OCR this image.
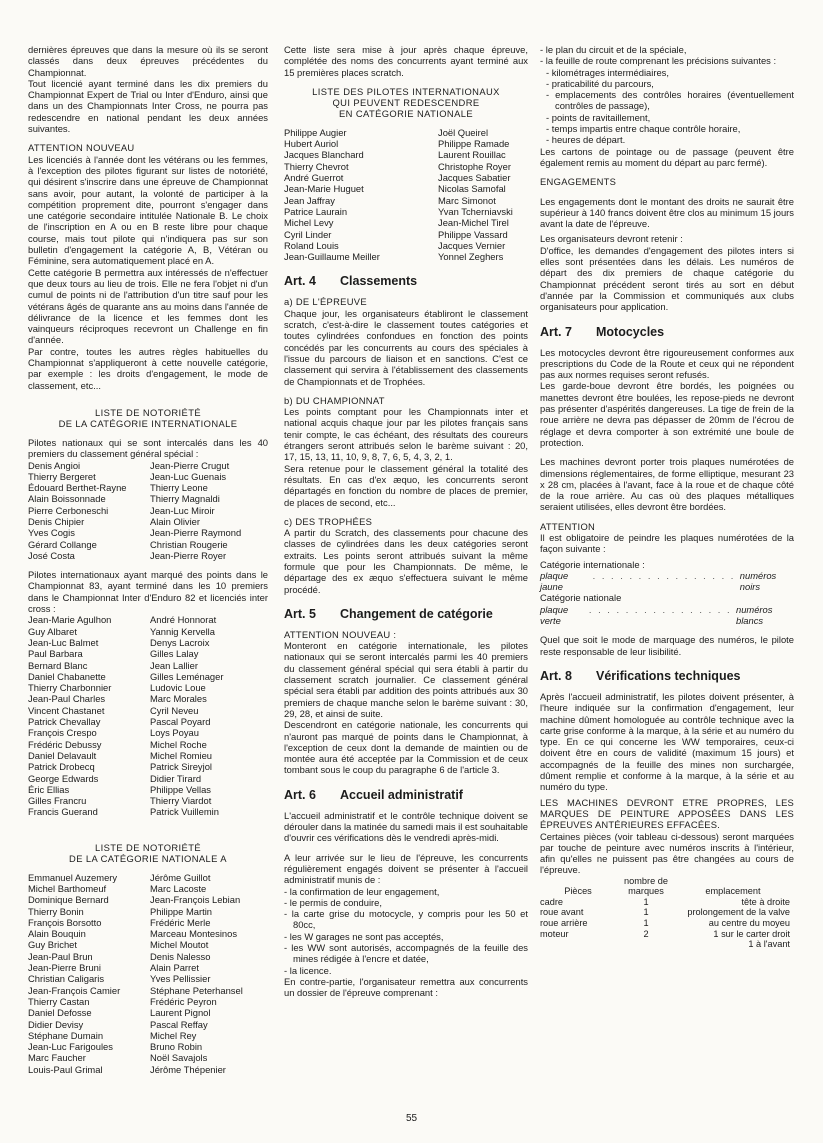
dernières épreuves que dans la mesure où ils se seront classés dans deux épreuves précédentes du Championnat.

Tout licencié ayant terminé dans les dix premiers du Championnat Expert de Trial ou Inter d'Enduro, ainsi que dans un des Championnats Inter Cross, ne pourra pas redescendre en national pendant les deux années suivantes.

ATTENTION NOUVEAU

Les licenciés à l'année dont les vétérans ou les femmes, à l'exception des pilotes figurant sur listes de notoriété, qui désirent s'inscrire dans une épreuve de Championnat sans avoir, pour autant, la volonté de participer à la compétition proprement dite, pourront s'engager dans une catégorie secondaire intitulée Nationale B. Le choix de l'inscription en A ou en B reste libre pour chaque course, mais tout pilote qui n'indiquera pas sur son bulletin d'engagement la catégorie A, B, Vétéran ou Féminine, sera automatiquement placé en A.

Cette catégorie B permettra aux intéressés de n'effectuer que deux tours au lieu de trois. Elle ne fera l'objet ni d'un cumul de points ni de l'attribution d'un titre sauf pour les vétérans âgés de quarante ans au moins dans l'année de délivrance de la licence et les femmes dont les vainqueurs réciproques recevront un Challenge en fin d'année.

Par contre, toutes les autres règles habituelles du Championnat s'appliqueront à cette nouvelle catégorie, par exemple : les droits d'engagement, le mode de classement, etc...

LISTE DE NOTORIÉTÉ

DE LA CATÉGORIE INTERNATIONALE

Pilotes nationaux qui se sont intercalés dans les 40 premiers du classement général spécial :

Denis Angioi	Jean-Pierre Crugut
Thierry Bergeret	Jean-Luc Guenais
Édouard Berthet-Rayne	Thierry Leone
Alain Boissonnade	Thierry Magnaldi
Pierre Cerboneschi	Jean-Luc Miroir
Denis Chipier	Alain Olivier
Yves Cogis	Jean-Pierre Raymond
Gérard Collange	Christian Rougerie
José Costa	Jean-Pierre Royer

Pilotes internationaux ayant marqué des points dans le Championnat 83, ayant terminé dans les 10 premiers dans le Championnat Inter d'Enduro 82 et licenciés inter cross :

Jean-Marie Agulhon	André Honnorat
Guy Albaret	Yannig Kervella
Jean-Luc Balmet	Denys Lacroix
Paul Barbara	Gilles Lalay
Bernard Blanc	Jean Lallier
Daniel Chabanette	Gilles Leménager
Thierry Charbonnier	Ludovic Loue
Jean-Paul Charles	Marc Morales
Vincent Chastanet	Cyril Neveu
Patrick Chevallay	Pascal Poyard
François Crespo	Loys Poyau
Frédéric Debussy	Michel Roche
Daniel Delavault	Michel Romieu
Patrick Drobecq	Patrick Sireyjol
George Edwards	Didier Tirard
Éric Ellias	Philippe Vellas
Gilles Francru	Thierry Viardot
Francis Guerand	Patrick Vuillemin

LISTE DE NOTORIÉTÉ

DE LA CATÉGORIE NATIONALE A

Emmanuel Auzemery	Jérôme Guillot
Michel Barthomeuf	Marc Lacoste
Dominique Bernard	Jean-François Lebian
Thierry Bonin	Philippe Martin
François Borsotto	Frédéric Merle
Alain Bouquin	Marceau Montesinos
Guy Brichet	Michel Moutot
Jean-Paul Brun	Denis Nalesso
Jean-Pierre Bruni	Alain Parret
Christian Caligaris	Yves Pellissier
Jean-François Camier	Stéphane Peterhansel
Thierry Castan	Frédéric Peyron
Daniel Defosse	Laurent Pignol
Didier Devisy	Pascal Reffay
Stéphane Dumain	Michel Rey
Jean-Luc Farigoules	Bruno Robin
Marc Faucher	Noël Savajols
Louis-Paul Grimal	Jérôme Thépenier

Cette liste sera mise à jour après chaque épreuve, complétée des noms des concurrents ayant terminé aux 15 premières places scratch.

LISTE DES PILOTES INTERNATIONAUX

QUI PEUVENT REDESCENDRE

EN CATÉGORIE NATIONALE

Philippe Augier	Joël Queirel
Hubert Auriol	Philippe Ramade
Jacques Blanchard	Laurent Rouillac
Thierry Chevrot	Christophe Royer
André Guerrot	Jacques Sabatier
Jean-Marie Huguet	Nicolas Samofal
Jean Jaffray	Marc Simonot
Patrice Laurain	Yvan Tcherniavski
Michel Levy	Jean-Michel Tirel
Cyril Linder	Philippe Vassard
Roland Louis	Jacques Vernier
Jean-Guillaume Meiller	Yonnel Zeghers
Art. 4 Classements

a) DE L'ÉPREUVE

Chaque jour, les organisateurs établiront le classement scratch, c'est-à-dire le classement toutes catégories et toutes cylindrées confondues en fonction des points concédés par les concurrents au cours des spéciales à l'issue du parcours de liaison et en sanctions. C'est ce classement qui servira à l'établissement des classements de Championnats et de Trophées.

b) DU CHAMPIONNAT

Les points comptant pour les Championnats inter et national acquis chaque jour par les pilotes français sans tenir compte, le cas échéant, des résultats des coureurs étrangers seront attribués selon le barème suivant : 20, 17, 15, 13, 11, 10, 9, 8, 7, 6, 5, 4, 3, 2, 1.

Sera retenue pour le classement général la totalité des résultats. En cas d'ex æquo, les concurrents seront départagés en fonction du nombre de places de premier, de places de second, etc...

c) DES TROPHÉES

A partir du Scratch, des classements pour chacune des classes de cylindrées dans les deux catégories seront extraits. Les points seront attribués suivant la même formule que pour les Championnats. De même, le départage des ex æquo s'effectuera suivant le même procédé.

Art. 5 Changement de catégorie

ATTENTION NOUVEAU :

Monteront en catégorie internationale, les pilotes nationaux qui se seront intercalés parmi les 40 premiers du classement général spécial qui sera établi à partir du classement scratch journalier. Ce classement général spécial sera établi par addition des points attribués aux 30 premiers de chaque manche selon le barème suivant : 30, 29, 28, et ainsi de suite.

Descendront en catégorie nationale, les concurrents qui n'auront pas marqué de points dans le Championnat, à l'exception de ceux dont la demande de maintien ou de montée aura été acceptée par la Commission et de ceux tombant sous le coup du paragraphe 6 de l'article 3.

Art. 6 Accueil administratif

L'accueil administratif et le contrôle technique doivent se dérouler dans la matinée du samedi mais il est souhaitable d'ouvrir ces vérifications dès le vendredi après-midi.

A leur arrivée sur le lieu de l'épreuve, les concurrents régulièrement engagés doivent se présenter à l'accueil administratif munis de :

- la confirmation de leur engagement,
- le permis de conduire,
- la carte grise du motocycle, y compris pour les 50 et 80cc,
- les W garages ne sont pas acceptés,
- les WW sont autorisés, accompagnés de la feuille des mines rédigée à l'encre et datée,
- la licence.

En contre-partie, l'organisateur remettra aux concurrents un dossier de l'épreuve comprenant :

- le plan du circuit et de la spéciale,
- la feuille de route comprenant les précisions suivantes :
- kilométrages intermédiaires,
- praticabilité du parcours,
- emplacements des contrôles horaires (éventuellement contrôles de passage),
- points de ravitaillement,
- temps impartis entre chaque contrôle horaire,
- heures de départ.

Les cartons de pointage ou de passage (peuvent être également remis au moment du départ au parc fermé).

ENGAGEMENTS

Les engagements dont le montant des droits ne saurait être supérieur à 140 francs doivent être clos au minimum 15 jours avant la date de l'épreuve.

Les organisateurs devront retenir :

D'office, les demandes d'engagement des pilotes inters si elles sont présentées dans les délais. Les numéros de départ des dix premiers de chaque catégorie du Championnat précédent seront tirés au sort en début d'année par la Commission et communiqués aux clubs organisateurs pour application.

Art. 7 Motocycles

Les motocycles devront être rigoureusement conformes aux prescriptions du Code de la Route et ceux qui ne répondent pas aux normes requises seront refusés.

Les garde-boue devront être bordés, les poignées ou manettes devront être boulées, les repose-pieds ne devront pas présenter d'aspérités dangereuses. La tige de frein de la roue arrière ne devra pas dépasser de 20mm de l'écrou de réglage et devra comporter à son extrémité une boule de protection.

Les machines devront porter trois plaques numérotées de dimensions réglementaires, de forme elliptique, mesurant 23 x 28 cm, placées à l'avant, face à la roue et de chaque côté de la roue arrière. Au cas où des plaques métalliques seraient utilisées, elles devront être bordées.

ATTENTION

Il est obligatoire de peindre les plaques numérotées de la façon suivante :

Catégorie internationale :

plaque jaune
. . . . . . . . . . . . . . . . numéros noirs

Catégorie nationale

plaque verte
. . . . . . . . . . . . . . . . numéros blancs

Quel que soit le mode de marquage des numéros, le pilote reste responsable de leur lisibilité.

Art. 8 Vérifications techniques

Après l'accueil administratif, les pilotes doivent présenter, à l'heure indiquée sur la confirmation d'engagement, leur machine dûment homologuée au contrôle technique avec la carte grise conforme à la marque, à la série et au numéro du type. En ce qui concerne les WW temporaires, ceux-ci doivent être en cours de validité (maximum 15 jours) et accompagnés de la feuille des mines non surchargée, dûment remplie et conforme à la marque, à la série et au numéro du type.

LES MACHINES DEVRONT ETRE PROPRES, LES MARQUES DE PEINTURE APPOSÉES DANS LES ÉPREUVES ANTÉRIEURES EFFACÉES.

Certaines pièces (voir tableau ci-dessous) seront marquées par touche de peinture avec numéros inscrits à l'intérieur, afin qu'elles ne puissent pas être changées au cours de l'épreuve.

Pièces	nombre de marques	emplacement
cadre	1	tête à droite
roue avant	1	prolongement de la valve
roue arrière	1	au centre du moyeu
moteur	2	1 sur le carter droit
		1 à l'avant
55
